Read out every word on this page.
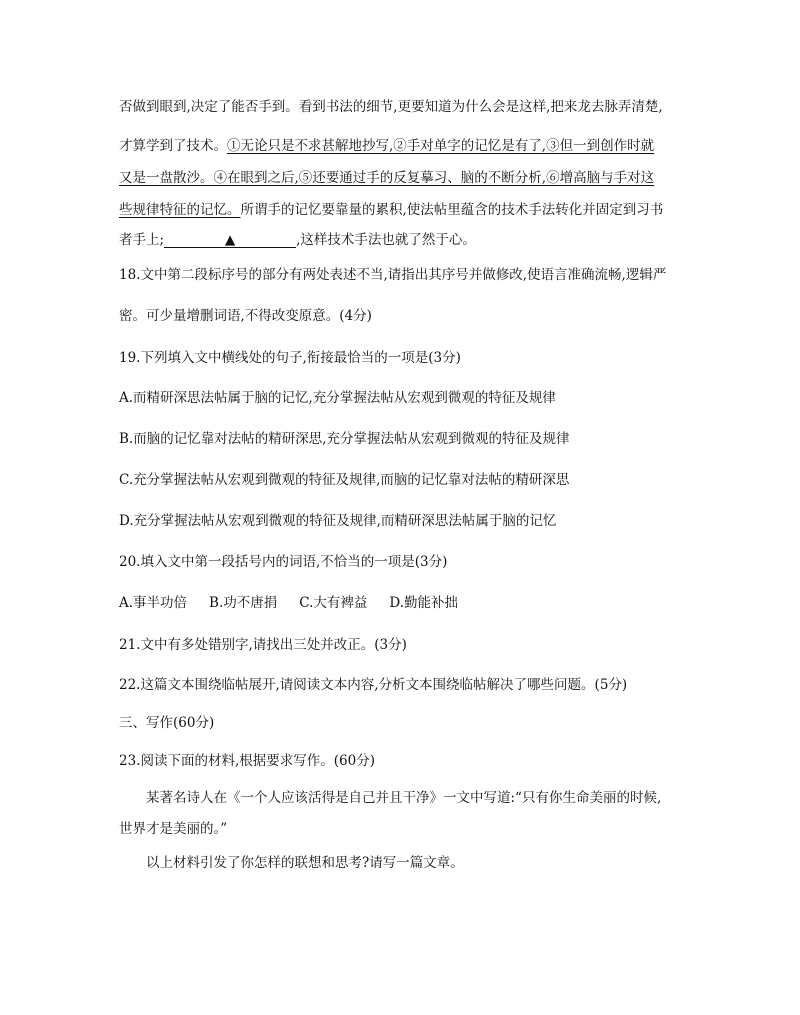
否做到眼到,决定了能否手到。看到书法的细节,更要知道为什么会是这样,把来龙去脉弄清楚,
才算学到了技术。①无论只是不求甚解地抄写,②手对单字的记忆是有了,③但一到创作时就
又是一盘散沙。④在眼到之后,⑤还要通过手的反复摹习、脑的不断分析,⑥增高脑与手对这
些规律特征的记忆。所谓手的记忆要靠量的累积,使法帖里蕴含的技术手法转化并固定到习书
者手上;	▲	,这样技术手法也就了然于心。
18.文中第二段标序号的部分有两处表述不当,请指出其序号并做修改,使语言准确流畅,逻辑严
密。可少量增删词语,不得改变原意。(4分)
19.下列填入文中横线处的句子,衔接最恰当的一项是(3分)
A.而精研深思法帖属于脑的记忆,充分掌握法帖从宏观到微观的特征及规律
B.而脑的记忆靠对法帖的精研深思,充分掌握法帖从宏观到微观的特征及规律
C.充分掌握法帖从宏观到微观的特征及规律,而脑的记忆靠对法帖的精研深思
D.充分掌握法帖从宏观到微观的特征及规律,而精研深思法帖属于脑的记忆
20.填入文中第一段括号内的词语,不恰当的一项是(3分)
A.事半功倍 B.功不唐捐 C.大有裨益 D.勤能补拙
21.文中有多处错别字,请找出三处并改正。(3分)
22.这篇文本围绕临帖展开,请阅读文本内容,分析文本围绕临帖解决了哪些问题。(5分)
三、写作(60分)
23.阅读下面的材料,根据要求写作。(60分)
某著名诗人在《一个人应该活得是自己并且干净》一文中写道:“只有你生命美丽的时候,
世界才是美丽的。”
以上材料引发了你怎样的联想和思考?请写一篇文章。
